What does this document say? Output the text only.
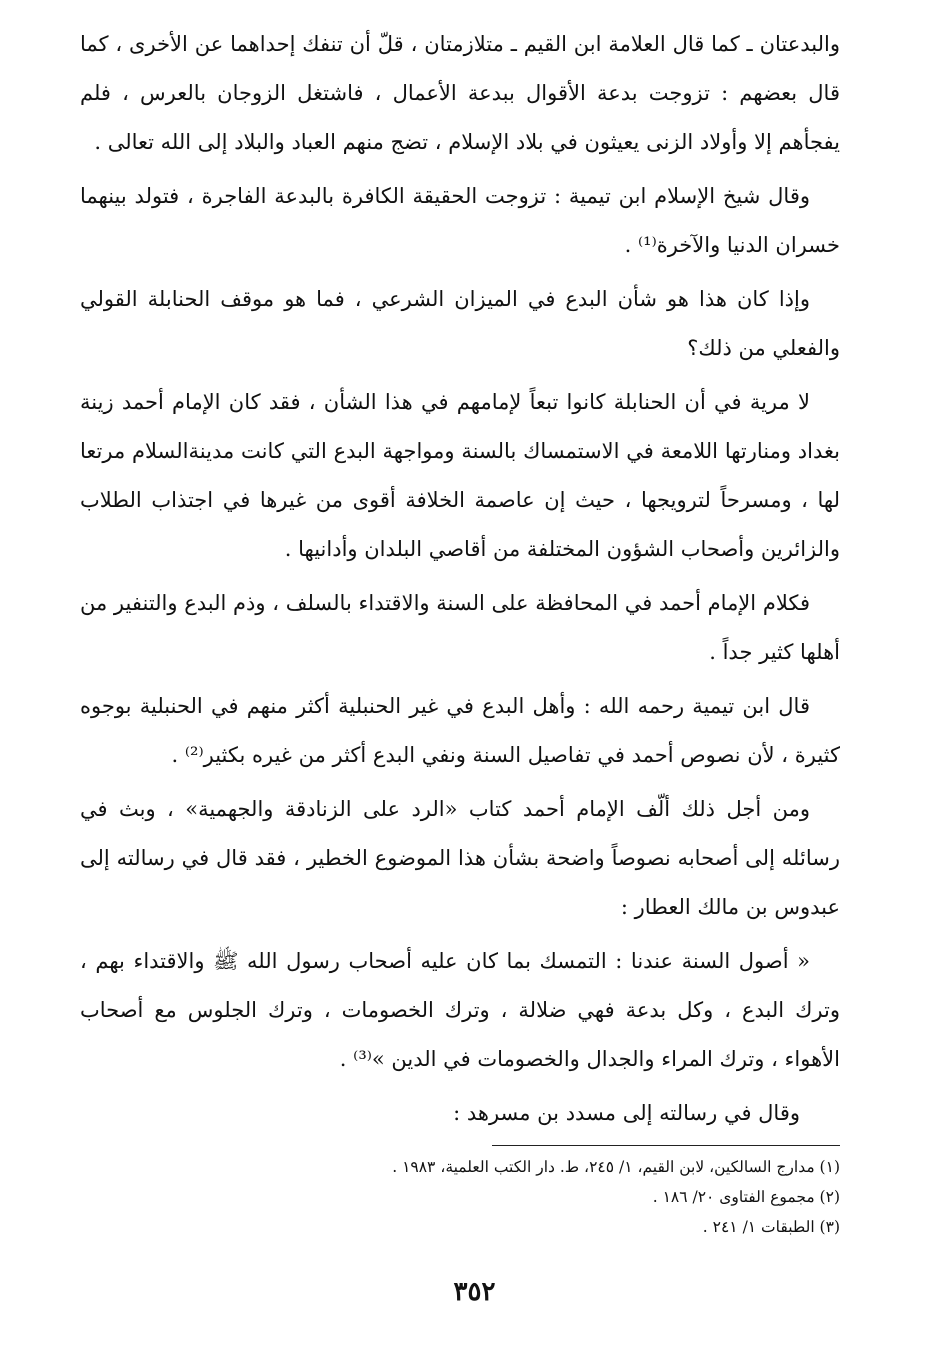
والبدعتان ـ كما قال العلامة ابن القيم ـ متلازمتان ، قلّ أن تنفك إحداهما عن الأخرى ، كما قال بعضهم : تزوجت بدعة الأقوال ببدعة الأعمال ، فاشتغل الزوجان بالعرس ، فلم يفجأهم إلا وأولاد الزنى يعيثون في بلاد الإسلام ، تضج منهم العباد والبلاد إلى الله تعالى .

وقال شيخ الإسلام ابن تيمية : تزوجت الحقيقة الكافرة بالبدعة الفاجرة ، فتولد بينهما خسران الدنيا والآخرة⁽¹⁾ .

وإذا كان هذا هو شأن البدع في الميزان الشرعي ، فما هو موقف الحنابلة القولي والفعلي من ذلك؟

لا مرية في أن الحنابلة كانوا تبعاً لإمامهم في هذا الشأن ، فقد كان الإمام أحمد زينة بغداد ومنارتها اللامعة في الاستمساك بالسنة ومواجهة البدع التي كانت مدينةالسلام مرتعا لها ، ومسرحاً لترويجها ، حيث إن عاصمة الخلافة أقوى من غيرها في اجتذاب الطلاب والزائرين وأصحاب الشؤون المختلفة من أقاصي البلدان وأدانيها .

فكلام الإمام أحمد في المحافظة على السنة والاقتداء بالسلف ، وذم البدع والتنفير من أهلها كثير جداً .

قال ابن تيمية رحمه الله : وأهل البدع في غير الحنبلية أكثر منهم في الحنبلية بوجوه كثيرة ، لأن نصوص أحمد في تفاصيل السنة ونفي البدع أكثر من غيره بكثير⁽²⁾ .

ومن أجل ذلك ألّف الإمام أحمد كتاب «الرد على الزنادقة والجهمية» ، وبث في رسائله إلى أصحابه نصوصاً واضحة بشأن هذا الموضوع الخطير ، فقد قال في رسالته إلى عبدوس بن مالك العطار :

« أصول السنة عندنا : التمسك بما كان عليه أصحاب رسول الله ﷺ والاقتداء بهم ، وترك البدع ، وكل بدعة فهي ضلالة ، وترك الخصومات ، وترك الجلوس مع أصحاب الأهواء ، وترك المراء والجدال والخصومات في الدين »⁽³⁾ .

وقال في رسالته إلى مسدد بن مسرهد :

(١) مدارج السالكين، لابن القيم، ١/ ٢٤٥، ط. دار الكتب العلمية، ١٩٨٣ .

(٢) مجموع الفتاوى ٢٠/ ١٨٦ .

(٣) الطبقات ١/ ٢٤١ .

٣٥٢
